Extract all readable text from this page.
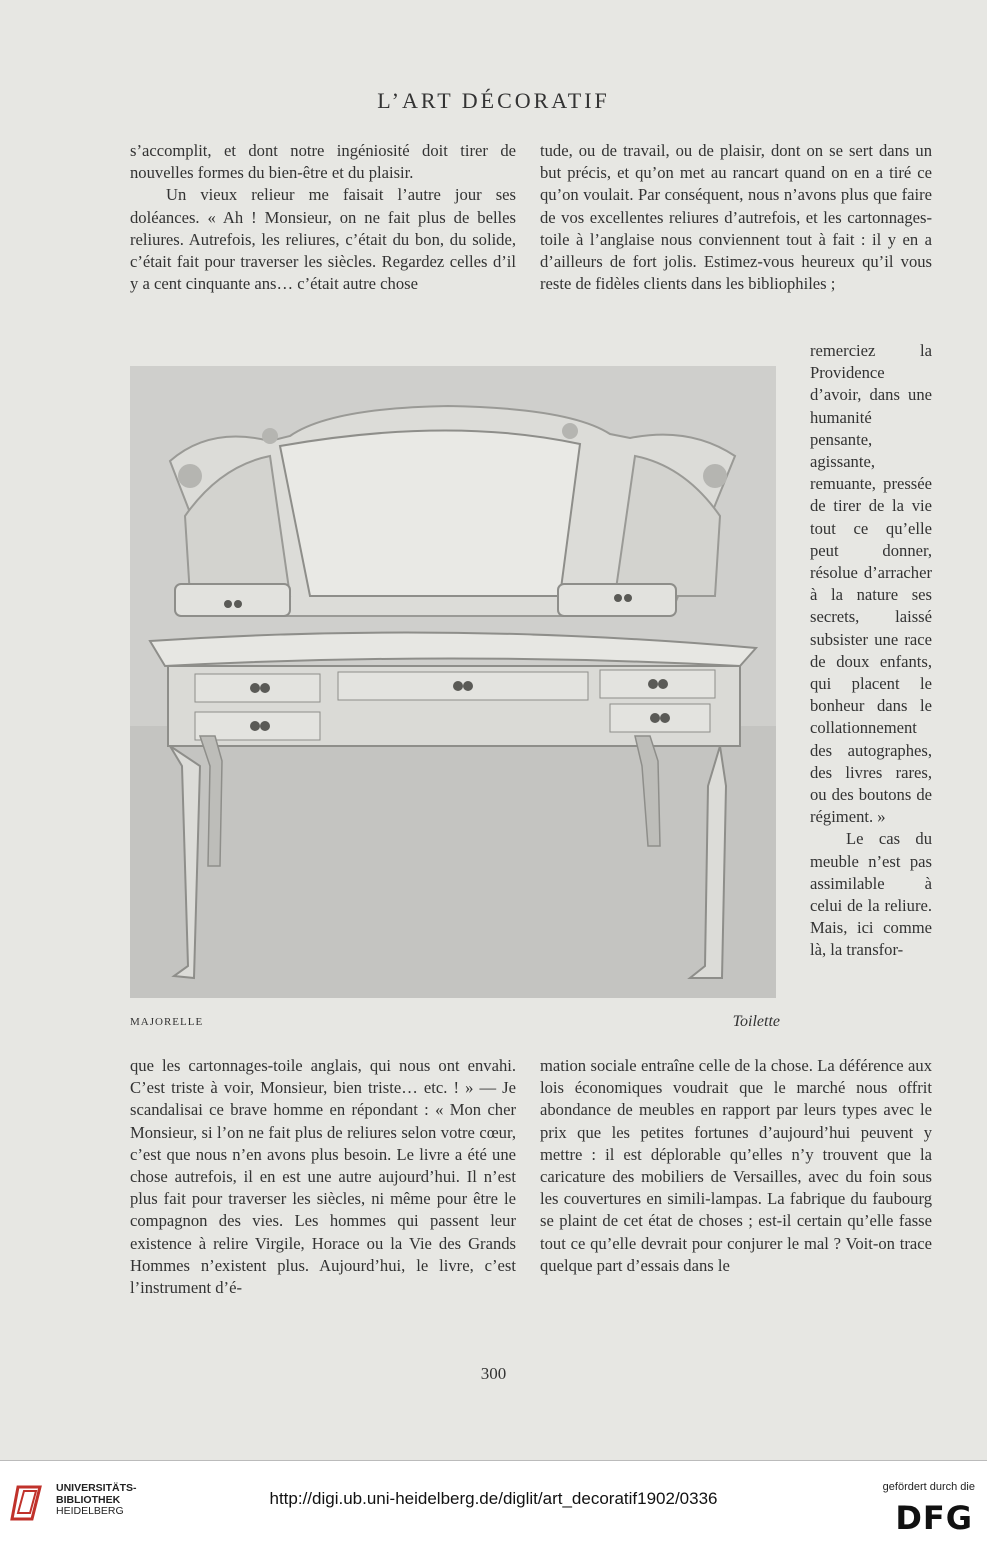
L’ART DÉCORATIF

s’accomplit, et dont notre ingéniosité doit tirer de nouvelles formes du bien-être et du plaisir.

Un vieux relieur me faisait l’autre jour ses doléances. « Ah ! Monsieur, on ne fait plus de belles reliures. Autrefois, les reliures, c’était du bon, du solide, c’était fait pour traverser les siècles. Regardez celles d’il y a cent cinquante ans… c’était autre chose

tude, ou de travail, ou de plaisir, dont on se sert dans un but précis, et qu’on met au rancart quand on en a tiré ce qu’on voulait. Par conséquent, nous n’avons plus que faire de vos excellentes reliures d’autrefois, et les cartonnages-toile à l’anglaise nous conviennent tout à fait : il y en a d’ailleurs de fort jolis. Estimez-vous heureux qu’il vous reste de fidèles clients dans les bibliophiles ;

remerciez la Providence d’avoir, dans une humanité pensante, agissante, remuante, pressée de tirer de la vie tout ce qu’elle peut donner, résolue d’arracher à la nature ses secrets, laissé subsister une race de doux enfants, qui placent le bonheur dans le collationnement des autographes, des livres rares, ou des boutons de régiment. »

Le cas du meuble n’est pas assimilable à celui de la reliure. Mais, ici comme là, la transfor-

MAJORELLE	Toilette

que les cartonnages-toile anglais, qui nous ont envahi. C’est triste à voir, Monsieur, bien triste… etc. ! » — Je scandalisai ce brave homme en répondant : « Mon cher Monsieur, si l’on ne fait plus de reliures selon votre cœur, c’est que nous n’en avons plus besoin. Le livre a été une chose autrefois, il en est une autre aujourd’hui. Il n’est plus fait pour traverser les siècles, ni même pour être le compagnon des vies. Les hommes qui passent leur existence à relire Virgile, Horace ou la Vie des Grands Hommes n’existent plus. Aujourd’hui, le livre, c’est l’instrument d’é-

mation sociale entraîne celle de la chose. La déférence aux lois économiques voudrait que le marché nous offrit abondance de meubles en rapport par leurs types avec le prix que les petites fortunes d’aujourd’hui peuvent y mettre : il est déplorable qu’elles n’y trouvent que la caricature des mobiliers de Versailles, avec du foin sous les couvertures en simili-lampas. La fabrique du faubourg se plaint de cet état de choses ; est-il certain qu’elle fasse tout ce qu’elle devrait pour conjurer le mal ? Voit-on trace quelque part d’essais dans le

300
UNIVERSITÄTS-
BIBLIOTHEK
HEIDELBERG
http://digi.ub.uni-heidelberg.de/diglit/art_decoratif1902/0336
gefördert durch die
DFG
